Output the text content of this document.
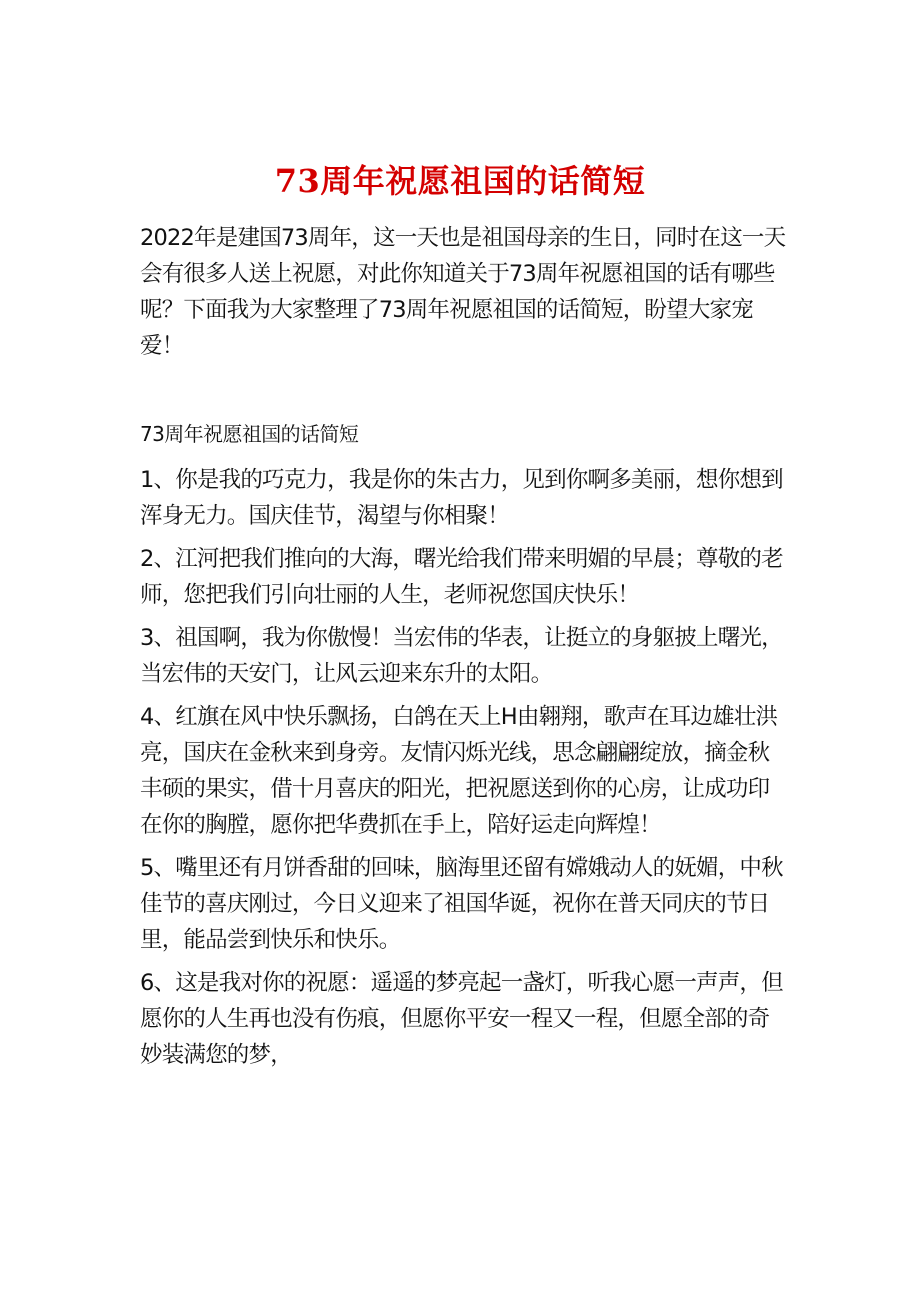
73周年祝愿祖国的话简短

2022年是建国73周年，这一天也是祖国母亲的生日，同时在这一天会有很多人送上祝愿，对此你知道关于73周年祝愿祖国的话有哪些呢？下面我为大家整理了73周年祝愿祖国的话简短，盼望大家宠爱！

73周年祝愿祖国的话简短

1、你是我的巧克力，我是你的朱古力，见到你啊多美丽，想你想到浑身无力。国庆佳节，渴望与你相聚！

2、江河把我们推向的大海，曙光给我们带来明媚的早晨；尊敬的老师，您把我们引向壮丽的人生，老师祝您国庆快乐！

3、祖国啊，我为你傲慢！当宏伟的华表，让挺立的身躯披上曙光，当宏伟的天安门，让风云迎来东升的太阳。

4、红旗在风中快乐飘扬，白鸽在天上H由翱翔，歌声在耳边雄壮洪亮，国庆在金秋来到身旁。友情闪烁光线，思念翩翩绽放，摘金秋丰硕的果实，借十月喜庆的阳光，把祝愿送到你的心房，让成功印在你的胸膛，愿你把华费抓在手上，陪好运走向辉煌！

5、嘴里还有月饼香甜的回味，脑海里还留有嫦娥动人的妩媚，中秋佳节的喜庆刚过，今日义迎来了祖国华诞，祝你在普天同庆的节日里，能品尝到快乐和快乐。

6、这是我对你的祝愿：遥遥的梦亮起一盏灯，听我心愿一声声，但愿你的人生再也没有伤痕，但愿你平安一程又一程，但愿全部的奇妙装满您的梦，
